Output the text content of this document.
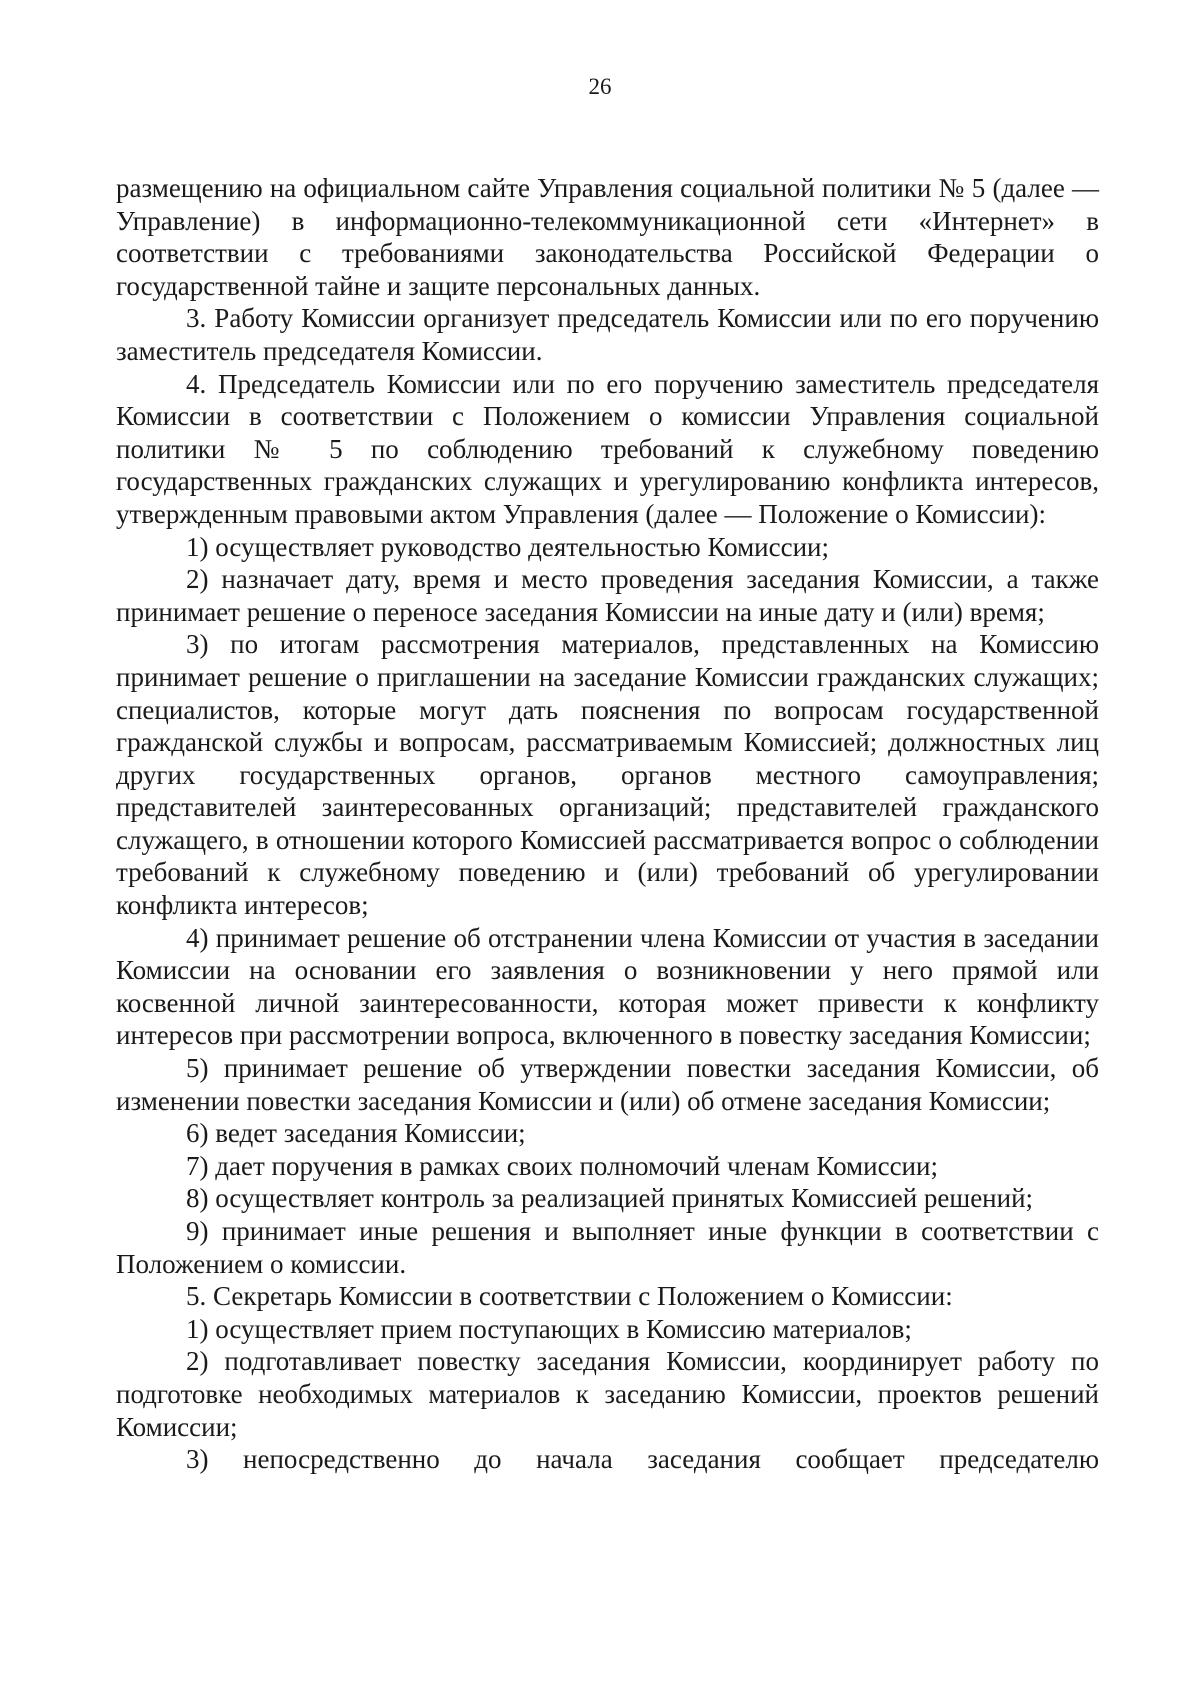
26

размещению на официальном сайте Управления социальной политики № 5 (далее — Управление) в информационно-телекоммуникационной сети «Интернет» в соответствии с требованиями законодательства Российской Федерации о государственной тайне и защите персональных данных.

3. Работу Комиссии организует председатель Комиссии или по его поручению заместитель председателя Комиссии.

4. Председатель Комиссии или по его поручению заместитель председателя Комиссии в соответствии с Положением о комиссии Управления социальной политики № 5 по соблюдению требований к служебному поведению государственных гражданских служащих и урегулированию конфликта интересов, утвержденным правовыми актом Управления (далее — Положение о Комиссии):

1) осуществляет руководство деятельностью Комиссии;

2) назначает дату, время и место проведения заседания Комиссии, а также принимает решение о переносе заседания Комиссии на иные дату и (или) время;

3) по итогам рассмотрения материалов, представленных на Комиссию принимает решение о приглашении на заседание Комиссии гражданских служащих; специалистов, которые могут дать пояснения по вопросам государственной гражданской службы и вопросам, рассматриваемым Комиссией; должностных лиц других государственных органов, органов местного самоуправления; представителей заинтересованных организаций; представителей гражданского служащего, в отношении которого Комиссией рассматривается вопрос о соблюдении требований к служебному поведению и (или) требований об урегулировании конфликта интересов;

4) принимает решение об отстранении члена Комиссии от участия в заседании Комиссии на основании его заявления о возникновении у него прямой или косвенной личной заинтересованности, которая может привести к конфликту интересов при рассмотрении вопроса, включенного в повестку заседания Комиссии;

5) принимает решение об утверждении повестки заседания Комиссии, об изменении повестки заседания Комиссии и (или) об отмене заседания Комиссии;

6) ведет заседания Комиссии;

7) дает поручения в рамках своих полномочий членам Комиссии;

8) осуществляет контроль за реализацией принятых Комиссией решений;

9) принимает иные решения и выполняет иные функции в соответствии с Положением о комиссии.

5. Секретарь Комиссии в соответствии с Положением о Комиссии:

1) осуществляет прием поступающих в Комиссию материалов;

2) подготавливает повестку заседания Комиссии, координирует работу по подготовке необходимых материалов к заседанию Комиссии, проектов решений Комиссии;

3) непосредственно до начала заседания сообщает председателю
